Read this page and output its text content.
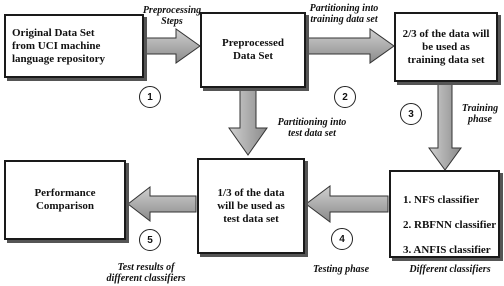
Original Data Set
from UCI machine
language repository
Preprocessed
Data Set
2/3 of the data will
be used as
training data set
1/3 of the data
will be used as
test data set
Performance
Comparison	1. NFS classifier
2. RBFNN classifier
3. ANFIS classifier
Preprocessing
Steps
Partitioning into
training data set
Partitioning into
test data set
Training
phase
Testing phase	Different classifiers
Test results of
different classifiers
1	2
3
4
5
